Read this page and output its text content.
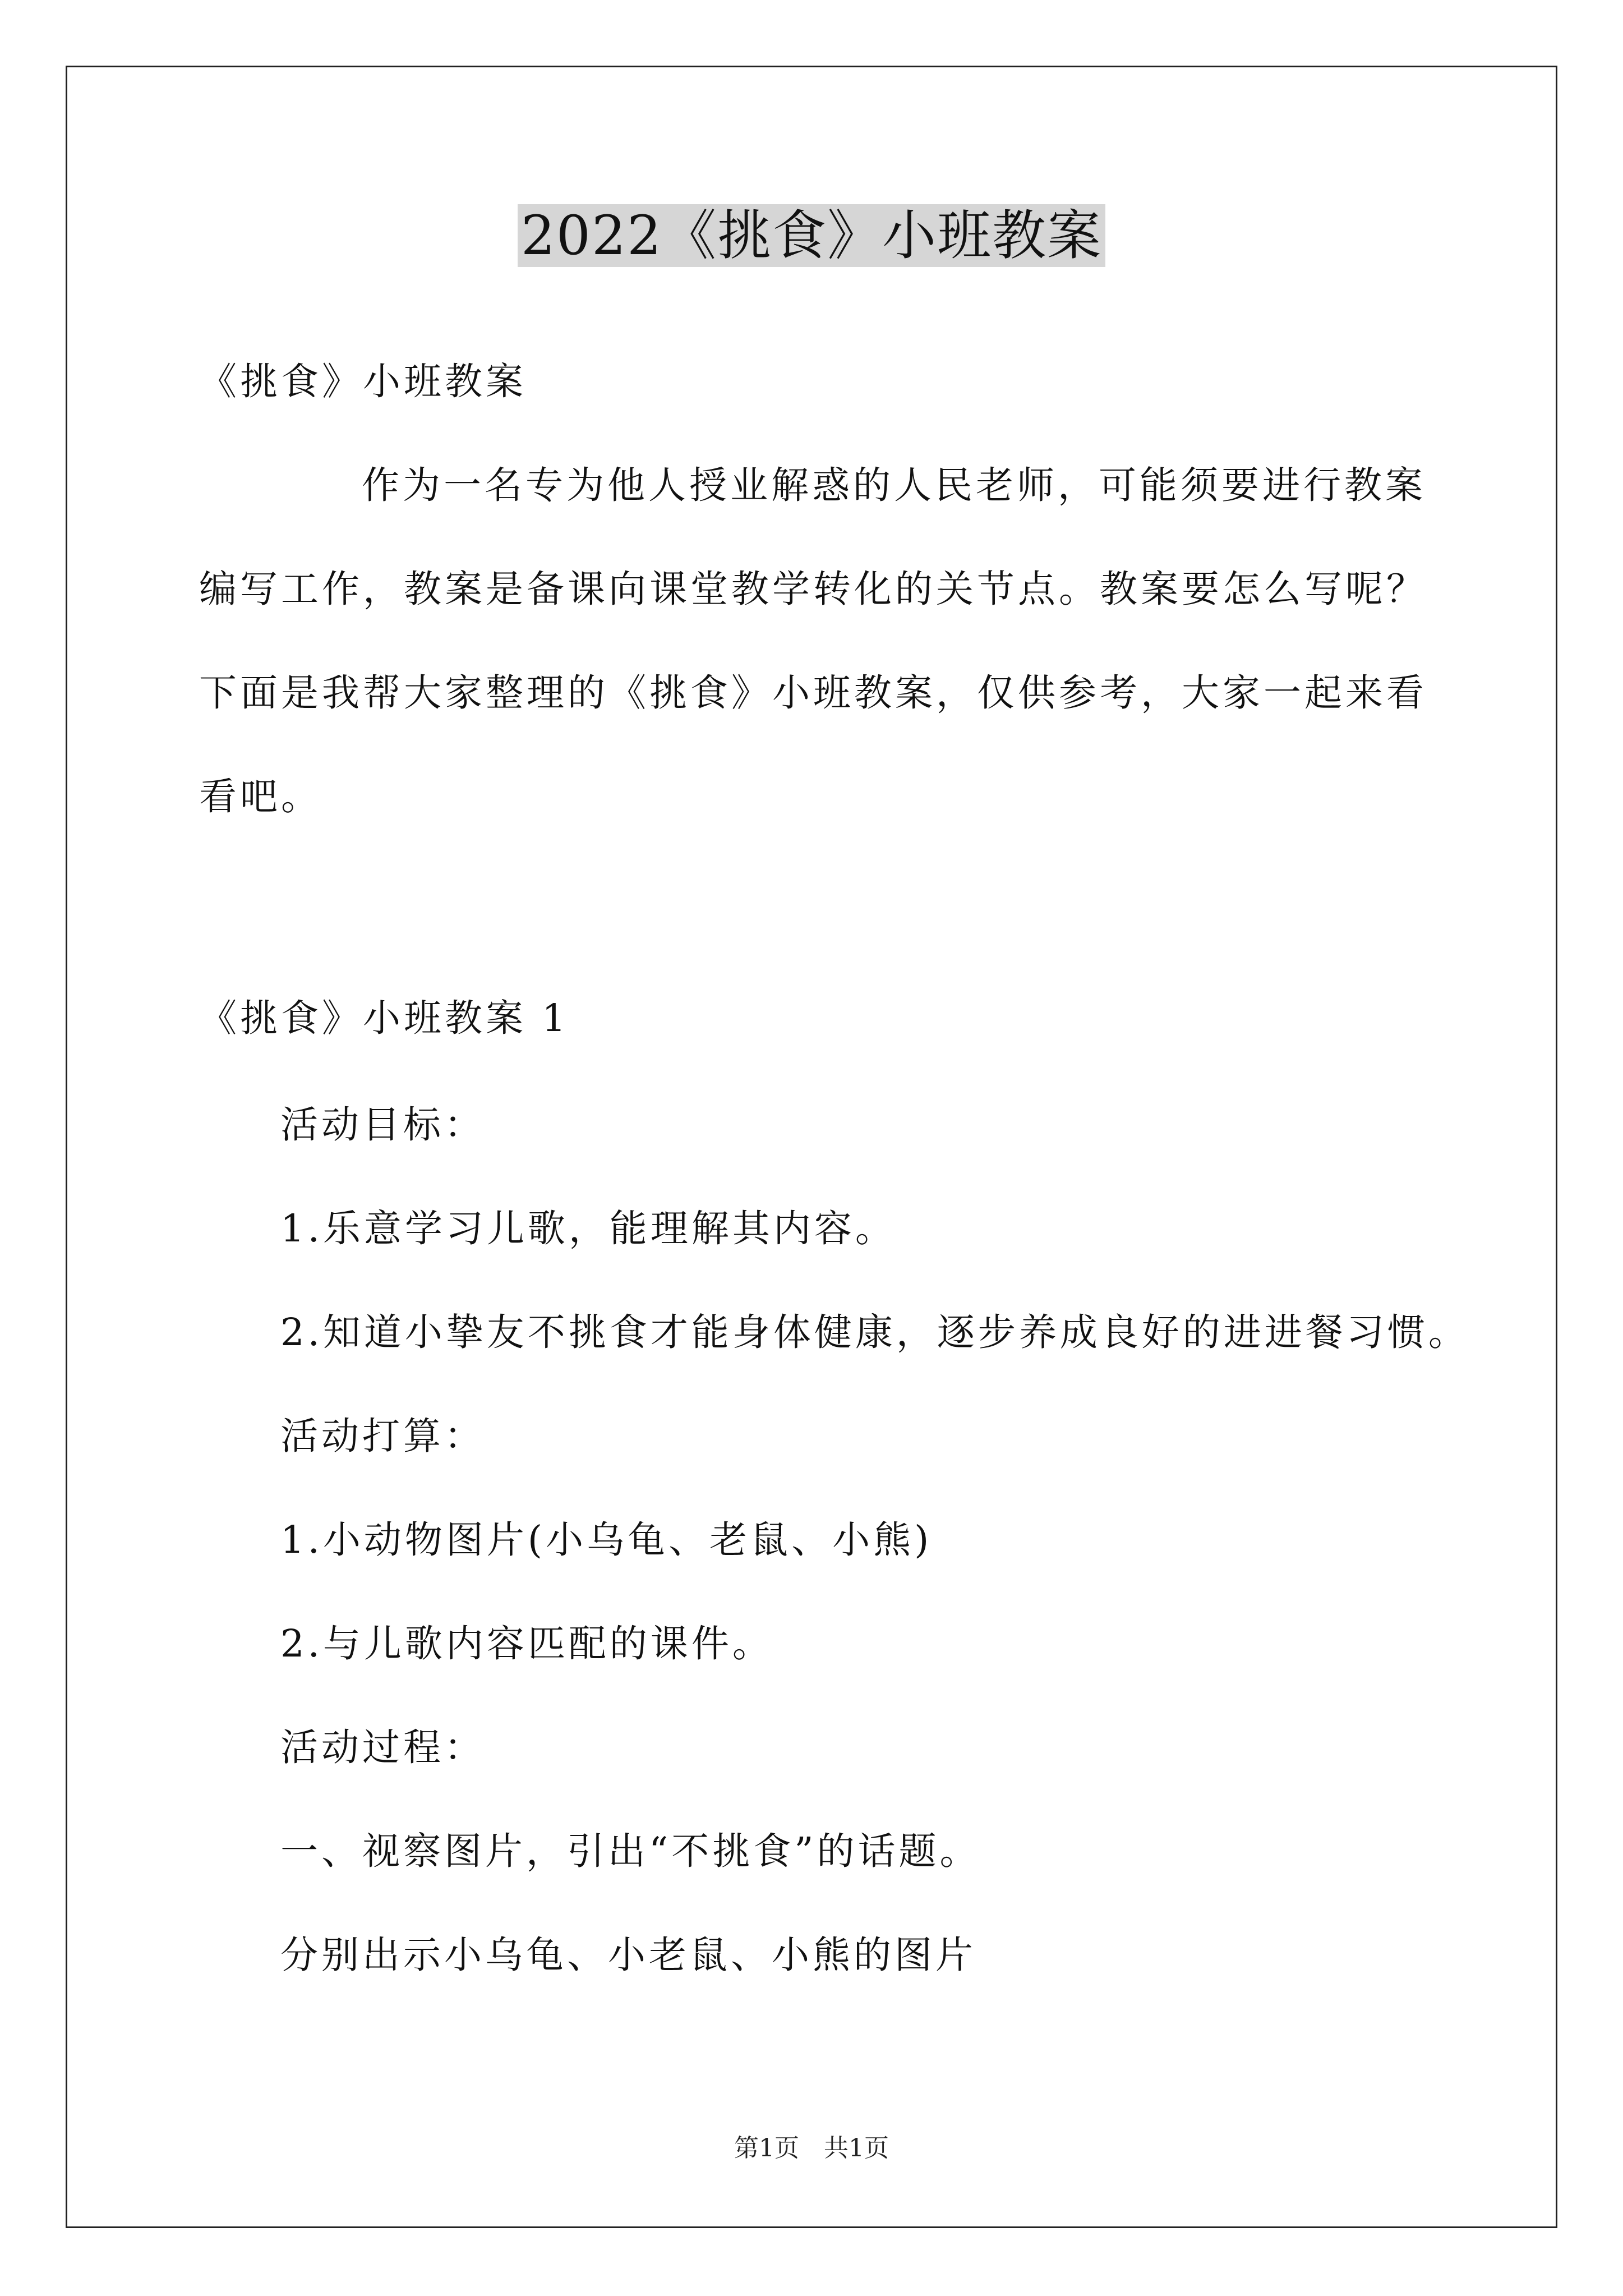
2022《挑食》小班教案
《挑食》小班教案
作为一名专为他人授业解惑的人民老师，可能须要进行教案
编写工作，教案是备课向课堂教学转化的关节点。教案要怎么写呢？
下面是我帮大家整理的《挑食》小班教案，仅供参考，大家一起来看
看吧。
《挑食》小班教案 1
活动目标：
1.乐意学习儿歌，能理解其内容。
2.知道小挚友不挑食才能身体健康，逐步养成良好的进进餐习惯。
活动打算：
1.小动物图片(小乌龟、老鼠、小熊)
2.与儿歌内容匹配的课件。
活动过程：
一、视察图片，引出“不挑食”的话题。
分别出示小乌龟、小老鼠、小熊的图片
第1页　共1页
